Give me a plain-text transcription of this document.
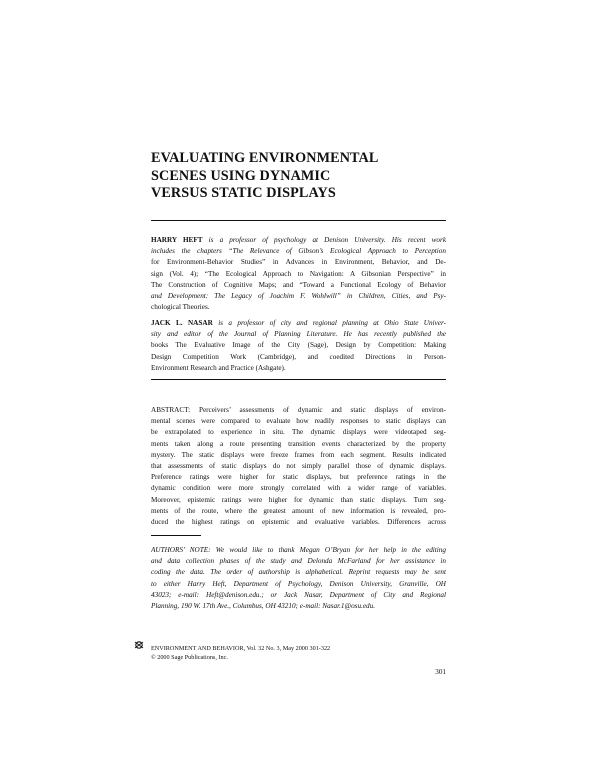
EVALUATING ENVIRONMENTAL
SCENES USING DYNAMIC
VERSUS STATIC DISPLAYS
HARRY HEFT is a professor of psychology at Denison University. His recent work
includes the chapters “The Relevance of Gibson’s Ecological Approach to Perception
for Environment-Behavior Studies” in Advances in Environment, Behavior, and De-
sign (Vol. 4); “The Ecological Approach to Navigation: A Gibsonian Perspective” in
The Construction of Cognitive Maps; and “Toward a Functional Ecology of Behavior
and Development: The Legacy of Joachim F. Wohlwill” in Children, Cities, and Psy-
chological Theories.
JACK L. NASAR is a professor of city and regional planning at Ohio State Univer-
sity and editor of the Journal of Planning Literature. He has recently published the
books The Evaluative Image of the City (Sage), Design by Competition: Making
Design Competition Work (Cambridge), and coedited Directions in Person-
Environment Research and Practice (Ashgate).
ABSTRACT: Perceivers’ assessments of dynamic and static displays of environ-
mental scenes were compared to evaluate how readily responses to static displays can
be extrapolated to experience in situ. The dynamic displays were videotaped seg-
ments taken along a route presenting transition events characterized by the property
mystery. The static displays were freeze frames from each segment. Results indicated
that assessments of static displays do not simply parallel those of dynamic displays.
Preference ratings were higher for static displays, but preference ratings in the
dynamic condition were more strongly correlated with a wider range of variables.
Moreover, epistemic ratings were higher for dynamic than static displays. Turn seg-
ments of the route, where the greatest amount of new information is revealed, pro-
duced the highest ratings on epistemic and evaluative variables. Differences across
AUTHORS’ NOTE: We would like to thank Megan O’Bryan for her help in the editing
and data collection phases of the study and Delonda McFarland for her assistance in
coding the data. The order of authorship is alphabetical. Reprint requests may be sent
to either Harry Heft, Department of Psychology, Denison University, Granville, OH
43023; e-mail: Heft@denison.edu.; or Jack Nasar, Department of City and Regional
Planning, 190 W. 17th Ave., Columbus, OH 43210; e-mail: Nasar.1@osu.edu.
ENVIRONMENT AND BEHAVIOR, Vol. 32 No. 3, May 2000 301-322
© 2000 Sage Publications, Inc.
301
